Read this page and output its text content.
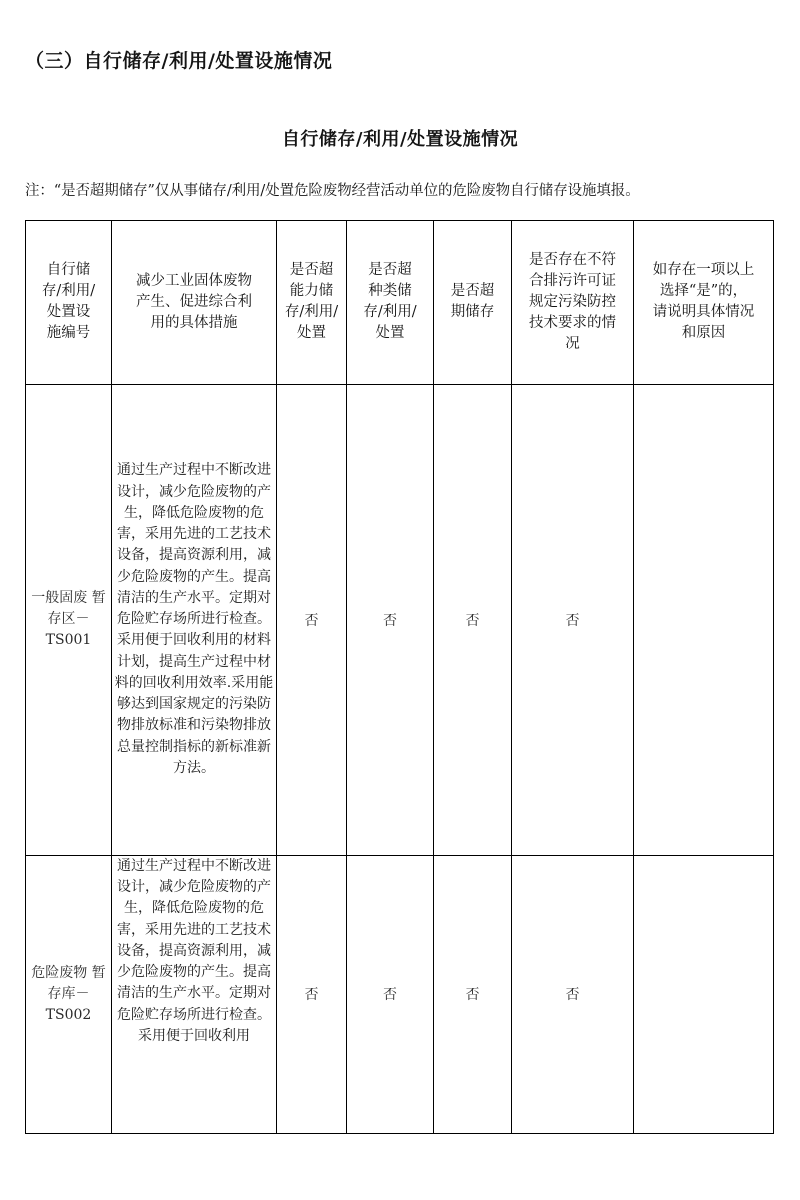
（三）自行储存/利用/处置设施情况
自行储存/利用/处置设施情况
注：“是否超期储存”仅从事储存/利用/处置危险废物经营活动单位的危险废物自行储存设施填报。
自行储
存/利用/
处置设
施编号	减少工业固体废物
产生、促进综合利
用的具体措施	是否超
能力储
存/利用/
处置	是否超
种类储
存/利用/
处置	是否超
期储存	是否存在不符
合排污许可证
规定污染防控
技术要求的情
况	如存在一项以上
选择“是”的，
请说明具体情况
和原因

一般固废 暂存区－ TS001	通过生产过程中不断改进设计，减少危险废物的产生，降低危险废物的危害，采用先进的工艺技术设备，提高资源利用，减少危险废物的产生。提高清洁的生产水平。定期对危险贮存场所进行检查。采用便于回收利用的材料计划，提高生产过程中材料的回收利用效率.采用能够达到国家规定的污染防物排放标准和污染物排放总量控制指标的新标准新方法。	否	否	否	否	
危险废物 暂存库－ TS002	通过生产过程中不断改进设计，减少危险废物的产生，降低危险废物的危害，采用先进的工艺技术设备，提高资源利用，减少危险废物的产生。提高清洁的生产水平。定期对危险贮存场所进行检查。采用便于回收利用	否	否	否	否	
